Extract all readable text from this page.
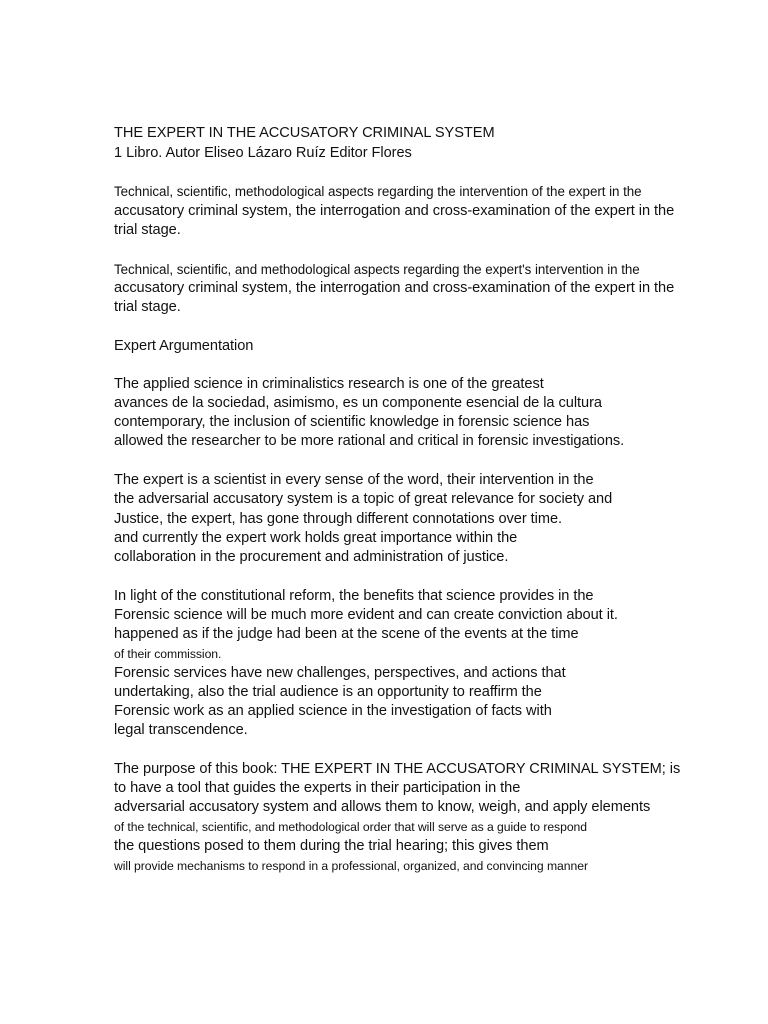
THE EXPERT IN THE ACCUSATORY CRIMINAL SYSTEM
1 Libro. Autor Eliseo Lázaro Ruíz Editor Flores
Technical, scientific, methodological aspects regarding the intervention of the expert in the
accusatory criminal system, the interrogation and cross-examination of the expert in the
trial stage.
Technical, scientific, and methodological aspects regarding the expert's intervention in the
accusatory criminal system, the interrogation and cross-examination of the expert in the
trial stage.
Expert Argumentation
The applied science in criminalistics research is one of the greatest
avances de la sociedad, asimismo, es un componente esencial de la cultura
contemporary, the inclusion of scientific knowledge in forensic science has
allowed the researcher to be more rational and critical in forensic investigations.
The expert is a scientist in every sense of the word, their intervention in the
the adversarial accusatory system is a topic of great relevance for society and
Justice, the expert, has gone through different connotations over time.
and currently the expert work holds great importance within the
collaboration in the procurement and administration of justice.
In light of the constitutional reform, the benefits that science provides in the
Forensic science will be much more evident and can create conviction about it.
happened as if the judge had been at the scene of the events at the time
of their commission.
Forensic services have new challenges, perspectives, and actions that
undertaking, also the trial audience is an opportunity to reaffirm the
Forensic work as an applied science in the investigation of facts with
legal transcendence.
The purpose of this book: THE EXPERT IN THE ACCUSATORY CRIMINAL SYSTEM; is
to have a tool that guides the experts in their participation in the
adversarial accusatory system and allows them to know, weigh, and apply elements
of the technical, scientific, and methodological order that will serve as a guide to respond
the questions posed to them during the trial hearing; this gives them
will provide mechanisms to respond in a professional, organized, and convincing manner
